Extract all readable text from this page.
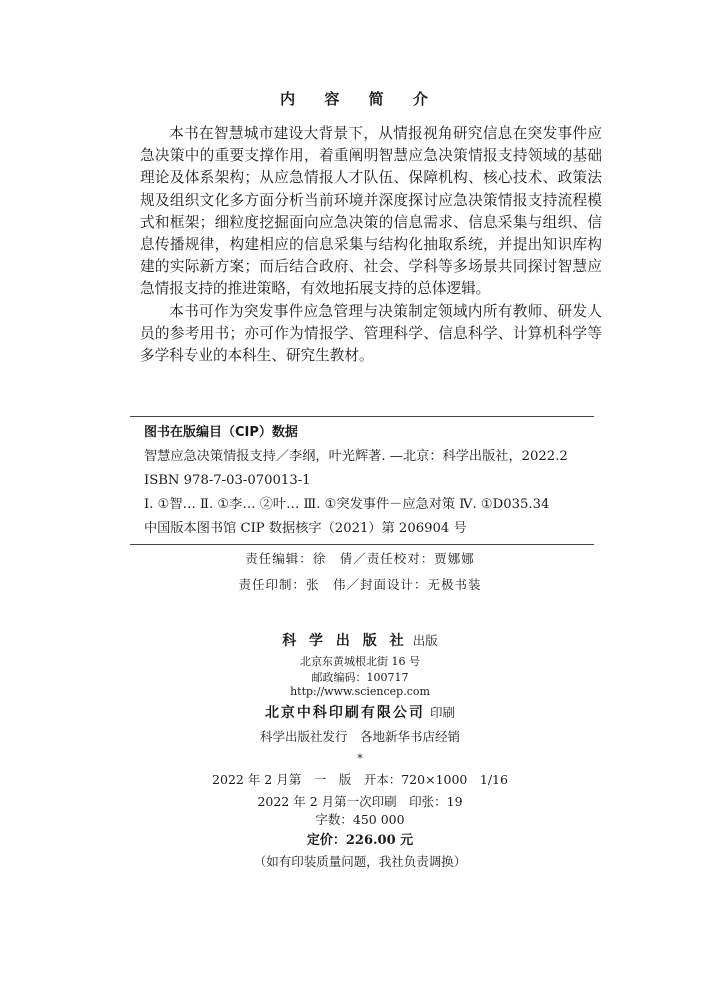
内 容 简 介

本书在智慧城市建设大背景下，从情报视角研究信息在突发事件应急决策中的重要支撑作用，着重阐明智慧应急决策情报支持领域的基础理论及体系架构；从应急情报人才队伍、保障机构、核心技术、政策法规及组织文化多方面分析当前环境并深度探讨应急决策情报支持流程模式和框架；细粒度挖掘面向应急决策的信息需求、信息采集与组织、信息传播规律，构建相应的信息采集与结构化抽取系统，并提出知识库构建的实际新方案；而后结合政府、社会、学科等多场景共同探讨智慧应急情报支持的推进策略，有效地拓展支持的总体逻辑。

本书可作为突发事件应急管理与决策制定领域内所有教师、研发人员的参考用书；亦可作为情报学、管理科学、信息科学、计算机科学等多学科专业的本科生、研究生教材。

图书在版编目（CIP）数据
智慧应急决策情报支持／李纲，叶光辉著. —北京：科学出版社，2022.2
ISBN 978-7-03-070013-1
Ⅰ. ①智… Ⅱ. ①李… ②叶… Ⅲ. ①突发事件－应急对策 Ⅳ. ①D035.34
中国版本图书馆 CIP 数据核字（2021）第 206904 号
责任编辑：徐　倩／责任校对：贾娜娜
责任印制：张　伟／封面设计：无极书装
科 学 出 版 社 出版
北京东黄城根北街 16 号
邮政编码：100717
http://www.sciencep.com
北京中科印刷有限公司 印刷
科学出版社发行　各地新华书店经销
*
2022 年 2 月第　一　版　开本：720×1000　1/16
2022 年 2 月第一次印刷　印张：19
字数：450 000
定价：226.00 元
（如有印装质量问题，我社负责调换）
